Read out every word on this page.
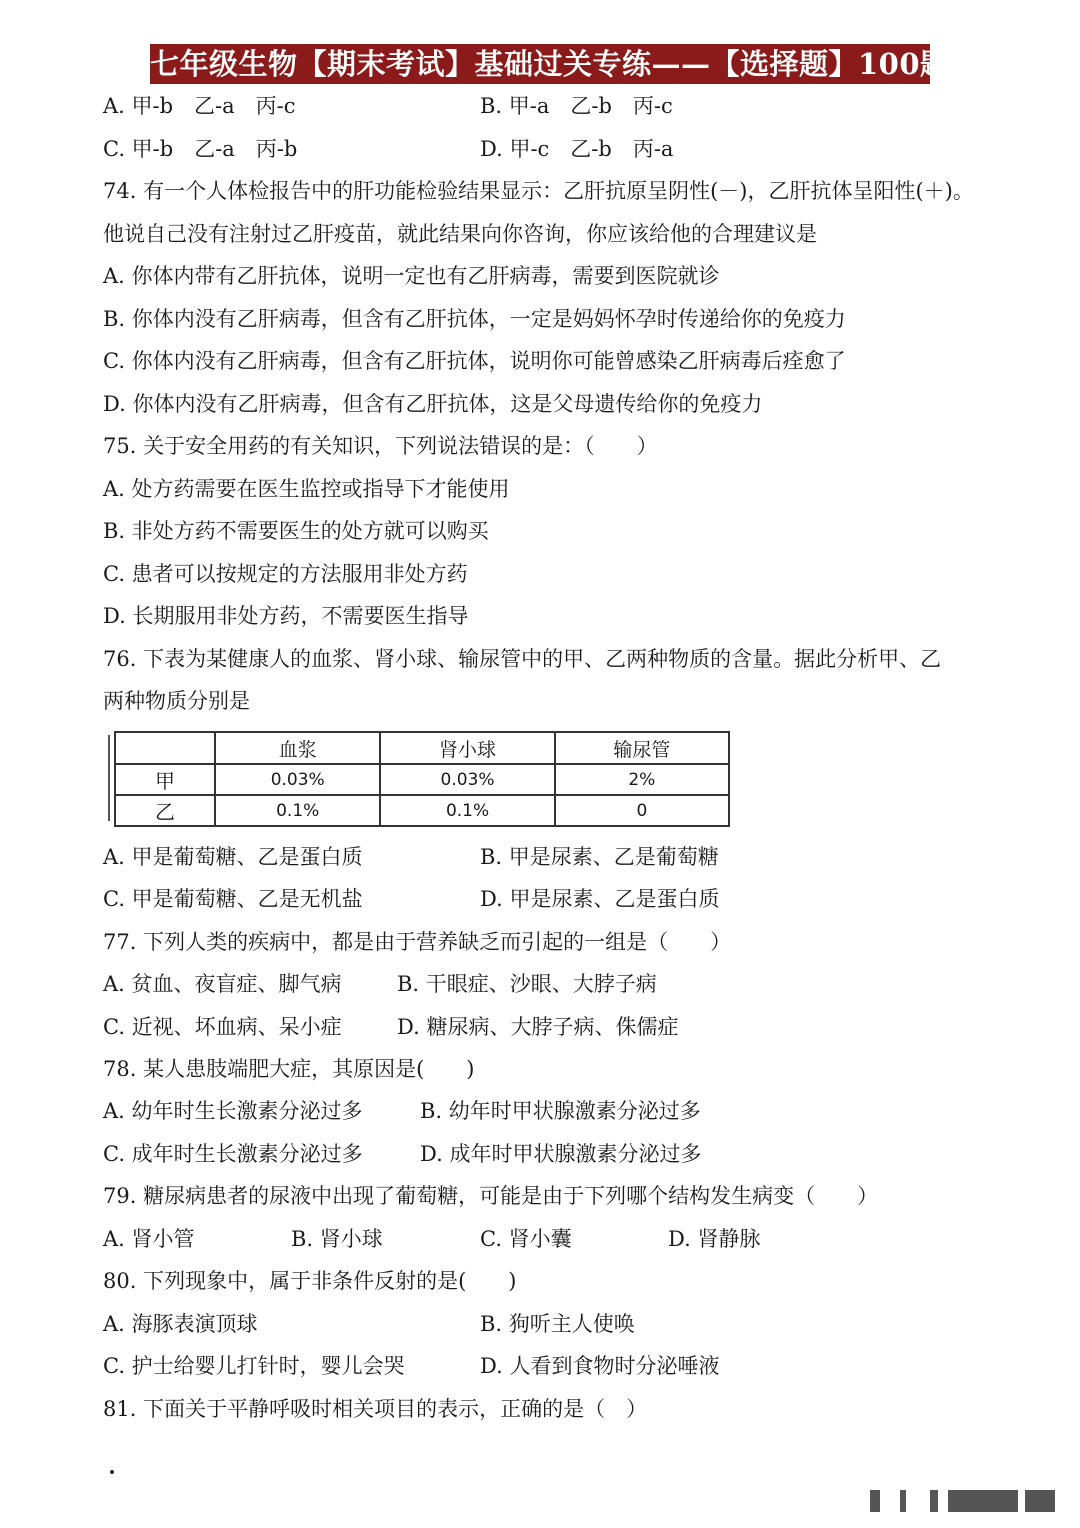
七年级生物【期末考试】基础过关专练——【选择题】100题
A. 甲-b　乙-a　丙-c	B. 甲-a　乙-b　丙-c
C. 甲-b　乙-a　丙-b	D. 甲-c　乙-b　丙-a
74. 有一个人体检报告中的肝功能检验结果显示：乙肝抗原呈阴性(－)，乙肝抗体呈阳性(＋)。
他说自己没有注射过乙肝疫苗，就此结果向你咨询，你应该给他的合理建议是
A. 你体内带有乙肝抗体，说明一定也有乙肝病毒，需要到医院就诊
B. 你体内没有乙肝病毒，但含有乙肝抗体，一定是妈妈怀孕时传递给你的免疫力
C. 你体内没有乙肝病毒，但含有乙肝抗体，说明你可能曾感染乙肝病毒后痊愈了
D. 你体内没有乙肝病毒，但含有乙肝抗体，这是父母遗传给你的免疫力
75. 关于安全用药的有关知识，下列说法错误的是：（　　）
A. 处方药需要在医生监控或指导下才能使用
B. 非处方药不需要医生的处方就可以购买
C. 患者可以按规定的方法服用非处方药
D. 长期服用非处方药，不需要医生指导
76. 下表为某健康人的血浆、肾小球、输尿管中的甲、乙两种物质的含量。据此分析甲、乙
两种物质分别是
	血浆	肾小球	输尿管
甲	0.03%	0.03%	2%
乙	0.1%	0.1%	0
A. 甲是葡萄糖、乙是蛋白质	B. 甲是尿素、乙是葡萄糖
C. 甲是葡萄糖、乙是无机盐	D. 甲是尿素、乙是蛋白质
77. 下列人类的疾病中，都是由于营养缺乏而引起的一组是（　　）
A. 贫血、夜盲症、脚气病	B. 干眼症、沙眼、大脖子病
C. 近视、坏血病、呆小症	D. 糖尿病、大脖子病、侏儒症
78. 某人患肢端肥大症，其原因是(　　)
A. 幼年时生长激素分泌过多	B. 幼年时甲状腺激素分泌过多
C. 成年时生长激素分泌过多	D. 成年时甲状腺激素分泌过多
79. 糖尿病患者的尿液中出现了葡萄糖，可能是由于下列哪个结构发生病变（　　）
A. 肾小管	B. 肾小球	C. 肾小囊	D. 肾静脉
80. 下列现象中，属于非条件反射的是(　　)
A. 海豚表演顶球	B. 狗听主人使唤
C. 护士给婴儿打针时，婴儿会哭	D. 人看到食物时分泌唾液
81. 下面关于平静呼吸时相关项目的表示，正确的是（　）
